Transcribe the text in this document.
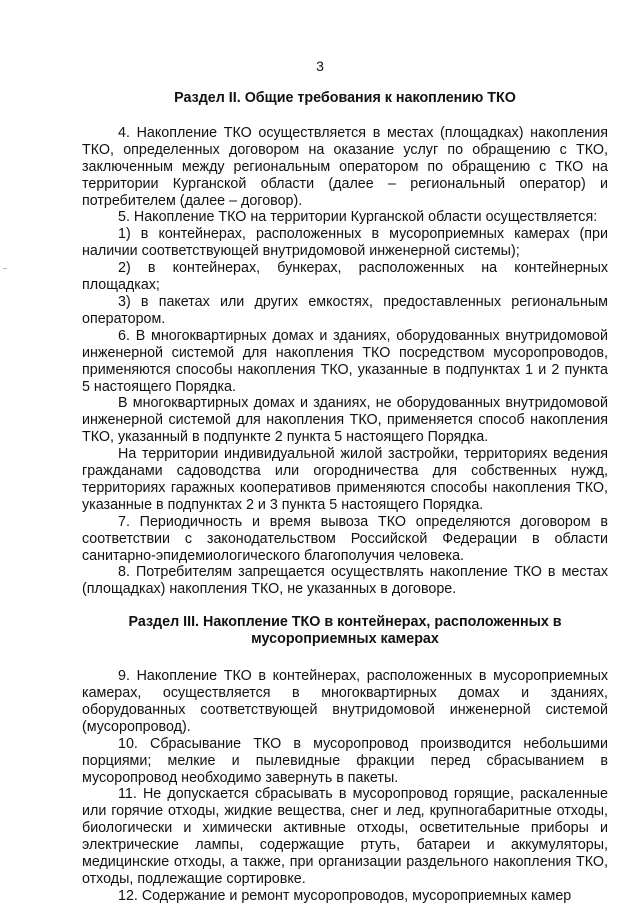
3

Раздел II. Общие требования к накоплению ТКО

4. Накопление ТКО осуществляется в местах (площадках) накопления ТКО, определенных договором на оказание услуг по обращению с ТКО, заключенным между региональным оператором по обращению с ТКО на территории Курганской области (далее – региональный оператор) и потребителем (далее – договор).

5. Накопление ТКО на территории Курганской области осуществляется:

1) в контейнерах, расположенных в мусороприемных камерах (при наличии соответствующей внутридомовой инженерной системы);

2) в контейнерах, бункерах, расположенных на контейнерных площадках;

3) в пакетах или других емкостях, предоставленных региональным оператором.

6. В многоквартирных домах и зданиях, оборудованных внутридомовой инженерной системой для накопления ТКО посредством мусоропроводов, применяются способы накопления ТКО, указанные в подпунктах 1 и 2 пункта 5 настоящего Порядка.

В многоквартирных домах и зданиях, не оборудованных внутридомовой инженерной системой для накопления ТКО, применяется способ накопления ТКО, указанный в подпункте 2 пункта 5 настоящего Порядка.

На территории индивидуальной жилой застройки, территориях ведения гражданами садоводства или огородничества для собственных нужд, территориях гаражных кооперативов применяются способы накопления ТКО, указанные в подпунктах 2 и 3 пункта 5 настоящего Порядка.

7. Периодичность и время вывоза ТКО определяются договором в соответствии с законодательством Российской Федерации в области санитарно-эпидемиологического благополучия человека.

8. Потребителям запрещается осуществлять накопление ТКО в местах (площадках) накопления ТКО, не указанных в договоре.

Раздел III. Накопление ТКО в контейнерах, расположенных в
мусороприемных камерах

9. Накопление ТКО в контейнерах, расположенных в мусороприемных камерах, осуществляется в многоквартирных домах и зданиях, оборудованных соответствующей внутридомовой инженерной системой (мусоропровод).

10. Сбрасывание ТКО в мусоропровод производится небольшими порциями; мелкие и пылевидные фракции перед сбрасыванием в мусоропровод необходимо завернуть в пакеты.

11. Не допускается сбрасывать в мусоропровод горящие, раскаленные или горячие отходы, жидкие вещества, снег и лед, крупногабаритные отходы, биологически и химически активные отходы, осветительные приборы и электрические лампы, содержащие ртуть, батареи и аккумуляторы, медицинские отходы, а также, при организации раздельного накопления ТКО, отходы, подлежащие сортировке.

12. Содержание и ремонт мусоропроводов, мусороприемных камер
